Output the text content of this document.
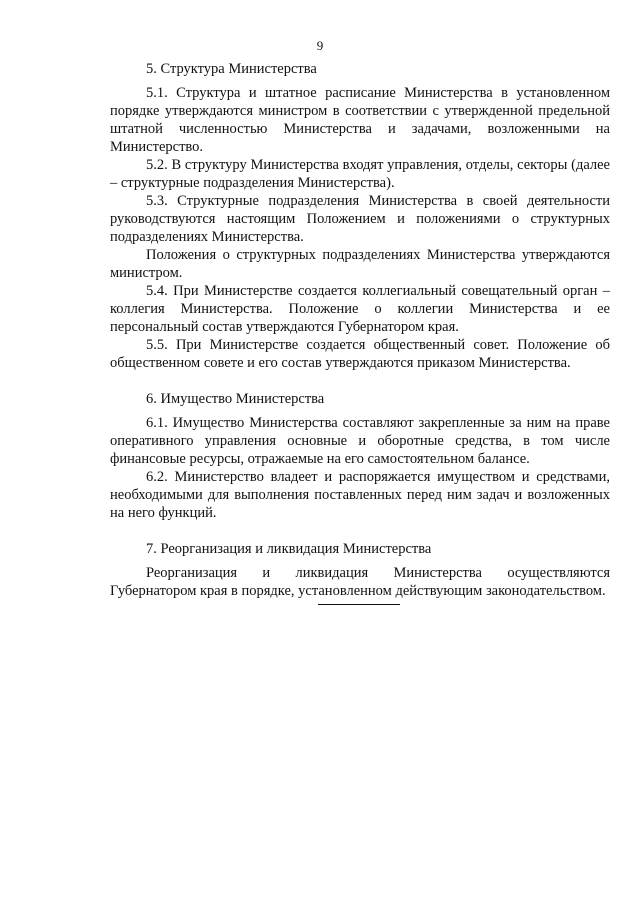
9

5. Структура Министерства

5.1. Структура и штатное расписание Министерства в установленном порядке утверждаются министром в соответствии с утвержденной предельной штатной численностью Министерства и задачами, возложенными на Министерство.

5.2. В структуру Министерства входят управления, отделы, секторы (далее – структурные подразделения Министерства).

5.3. Структурные подразделения Министерства в своей деятельности руководствуются настоящим Положением и положениями о структурных подразделениях Министерства.

Положения о структурных подразделениях Министерства утверждаются министром.

5.4. При Министерстве создается коллегиальный совещательный орган – коллегия Министерства. Положение о коллегии Министерства и ее персональный состав утверждаются Губернатором края.

5.5. При Министерстве создается общественный совет. Положение об общественном совете и его состав утверждаются приказом Министерства.

6. Имущество Министерства

6.1. Имущество Министерства составляют закрепленные за ним на праве оперативного управления основные и оборотные средства, в том числе финансовые ресурсы, отражаемые на его самостоятельном балансе.

6.2. Министерство владеет и распоряжается имуществом и средствами, необходимыми для выполнения поставленных перед ним задач и возложенных на него функций.

7. Реорганизация и ликвидация Министерства

Реорганизация и ликвидация Министерства осуществляются Губернатором края в порядке, установленном действующим законодательством.
